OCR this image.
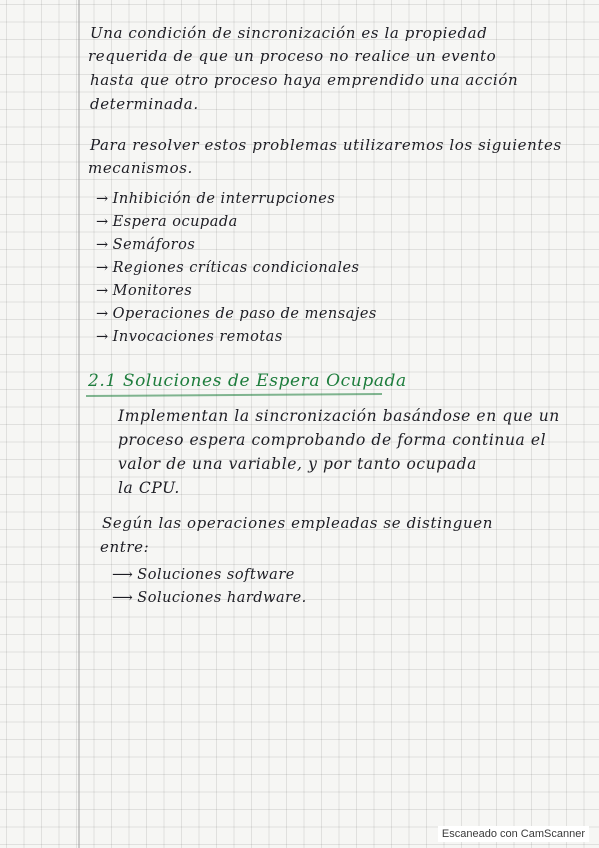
Una condición de sincronización es la propiedad
requerida de que un proceso no realice un evento
hasta que otro proceso haya emprendido una acción
determinada.
Para resolver estos problemas utilizaremos los siguientes
mecanismos.
→ Inhibición de interrupciones
→ Espera ocupada
→ Semáforos
→ Regiones críticas condicionales
→ Monitores
→ Operaciones de paso de mensajes
→ Invocaciones remotas
2.1 Soluciones de Espera Ocupada
Implementan la sincronización basándose en que un
proceso espera comprobando de forma continua el
valor de una variable, y por tanto ocupada
la CPU.
Según las operaciones empleadas se distinguen
entre:
⟶ Soluciones software
⟶ Soluciones hardware.
Escaneado con CamScanner
